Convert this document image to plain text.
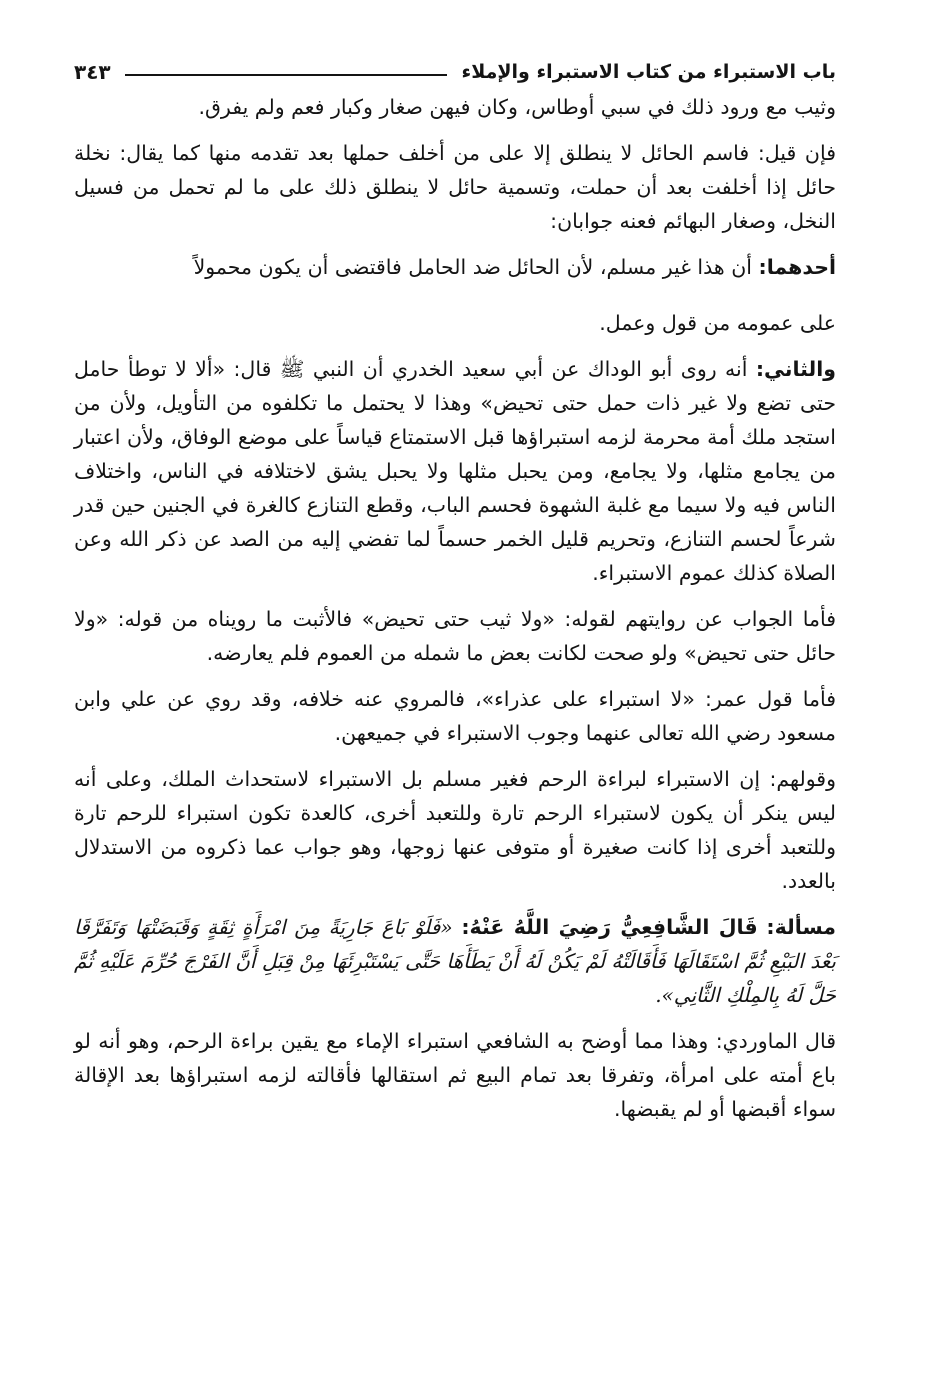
باب الاستبراء من كتاب الاستبراء والإملاء
٣٤٣

وثيب مع ورود ذلك في سبي أوطاس، وكان فيهن صغار وكبار فعم ولم يفرق.

فإن قيل: فاسم الحائل لا ينطلق إلا على من أخلف حملها بعد تقدمه منها كما يقال: نخلة حائل إذا أخلفت بعد أن حملت، وتسمية حائل لا ينطلق ذلك على ما لم تحمل من فسيل النخل، وصغار البهائم فعنه جوابان:

أحدهما: أن هذا غير مسلم، لأن الحائل ضد الحامل فاقتضى أن يكون محمولاً

على عمومه من قول وعمل.

والثاني: أنه روى أبو الوداك عن أبي سعيد الخدري أن النبي ﷺ قال: «ألا لا توطأ حامل حتى تضع ولا غير ذات حمل حتى تحيض» وهذا لا يحتمل ما تكلفوه من التأويل، ولأن من استجد ملك أمة محرمة لزمه استبراؤها قبل الاستمتاع قياساً على موضع الوفاق، ولأن اعتبار من يجامع مثلها، ولا يجامع، ومن يحبل مثلها ولا يحبل يشق لاختلافه في الناس، واختلاف الناس فيه ولا سيما مع غلبة الشهوة فحسم الباب، وقطع التنازع كالغرة في الجنين حين قدر شرعاً لحسم التنازع، وتحريم قليل الخمر حسماً لما تفضي إليه من الصد عن ذكر الله وعن الصلاة كذلك عموم الاستبراء.

فأما الجواب عن روايتهم لقوله: «ولا ثيب حتى تحيض» فالأثبت ما رويناه من قوله: «ولا حائل حتى تحيض» ولو صحت لكانت بعض ما شمله من العموم فلم يعارضه.

فأما قول عمر: «لا استبراء على عذراء»، فالمروي عنه خلافه، وقد روي عن علي وابن مسعود رضي الله تعالى عنهما وجوب الاستبراء في جميعهن.

وقولهم: إن الاستبراء لبراءة الرحم فغير مسلم بل الاستبراء لاستحداث الملك، وعلى أنه ليس ينكر أن يكون لاستبراء الرحم تارة وللتعبد أخرى، كالعدة تكون استبراء للرحم تارة وللتعبد أخرى إذا كانت صغيرة أو متوفى عنها زوجها، وهو جواب عما ذكروه من الاستدلال بالعدد.

مسألة: قَالَ الشَّافِعِيُّ رَضِيَ اللَّهُ عَنْهُ: «فَلَوْ بَاعَ جَارِيَةً مِنَ امْرَأَةٍ ثِقَةٍ وَقَبَضَتْهَا وَتَفَرَّقَا بَعْدَ البَيْعِ ثُمَّ اسْتَقَالَهَا فَأَقَالَتْهُ لَمْ يَكُنْ لَهُ أَنْ يَطَأَهَا حَتَّى يَسْتَبْرِئَهَا مِنْ قِبَلِ أَنَّ الفَرْجَ حُرِّمَ عَلَيْهِ ثُمَّ حَلَّ لَهُ بِالمِلْكِ الثَّانِي».

قال الماوردي: وهذا مما أوضح به الشافعي استبراء الإماء مع يقين براءة الرحم، وهو أنه لو باع أمته على امرأة، وتفرقا بعد تمام البيع ثم استقالها فأقالته لزمه استبراؤها بعد الإقالة سواء أقبضها أو لم يقبضها.
